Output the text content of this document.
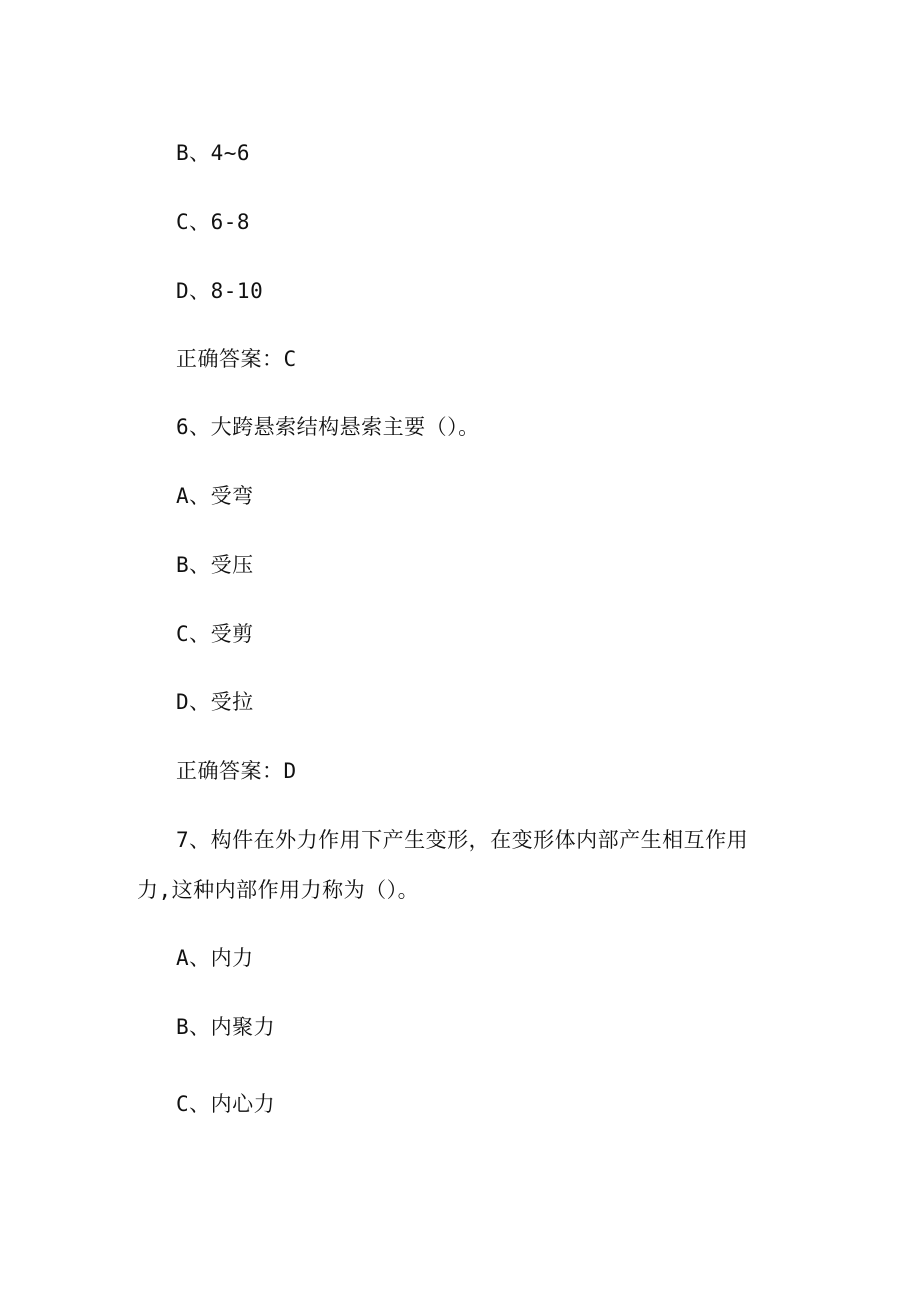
B、4~6
C、6-8
D、8-10
正确答案：C
6、大跨悬索结构悬索主要（）。
A、受弯
B、受压
C、受剪
D、受拉
正确答案：D
7、构件在外力作用下产生变形，在变形体内部产生相互作用
力,这种内部作用力称为（）。
A、内力
B、内聚力
C、内心力
